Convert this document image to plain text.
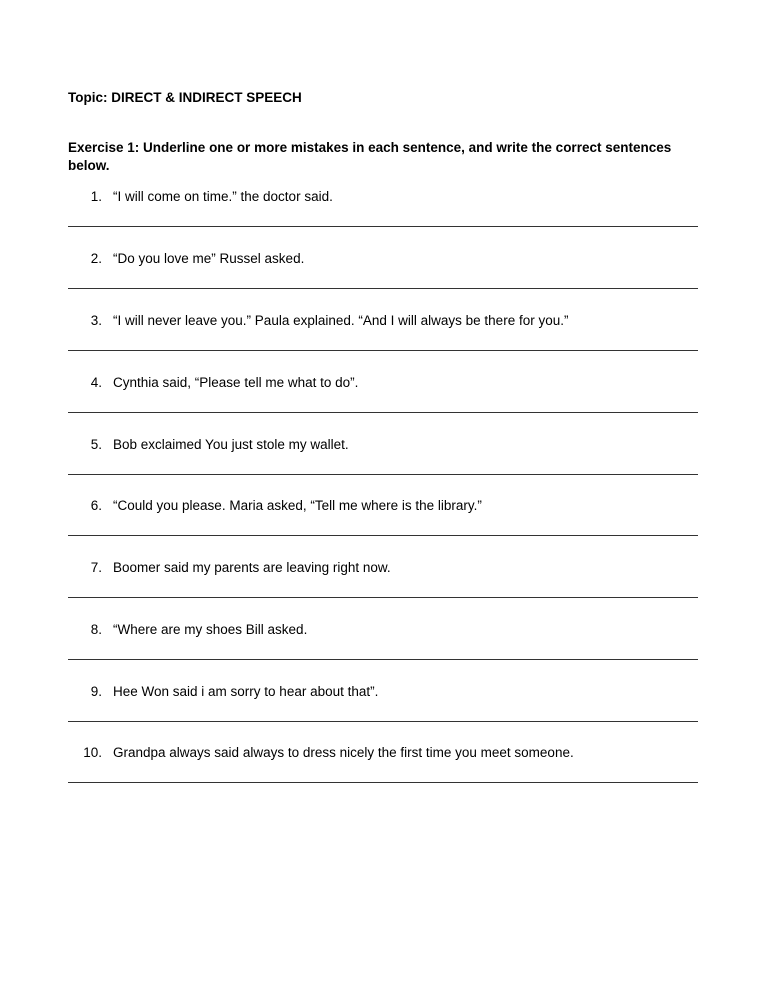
Topic: DIRECT & INDIRECT SPEECH
Exercise 1: Underline one or more mistakes in each sentence, and write the correct sentences below.
1. “I will come on time.” the doctor said.
2. “Do you love me” Russel asked.
3. “I will never leave you.” Paula explained. “And I will always be there for you.”
4. Cynthia said, “Please tell me what to do”.
5. Bob exclaimed You just stole my wallet.
6. “Could you please. Maria asked, “Tell me where is the library.”
7. Boomer said my parents are leaving right now.
8. “Where are my shoes Bill asked.
9. Hee Won said i am sorry to hear about that”.
10. Grandpa always said always to dress nicely the first time you meet someone.
